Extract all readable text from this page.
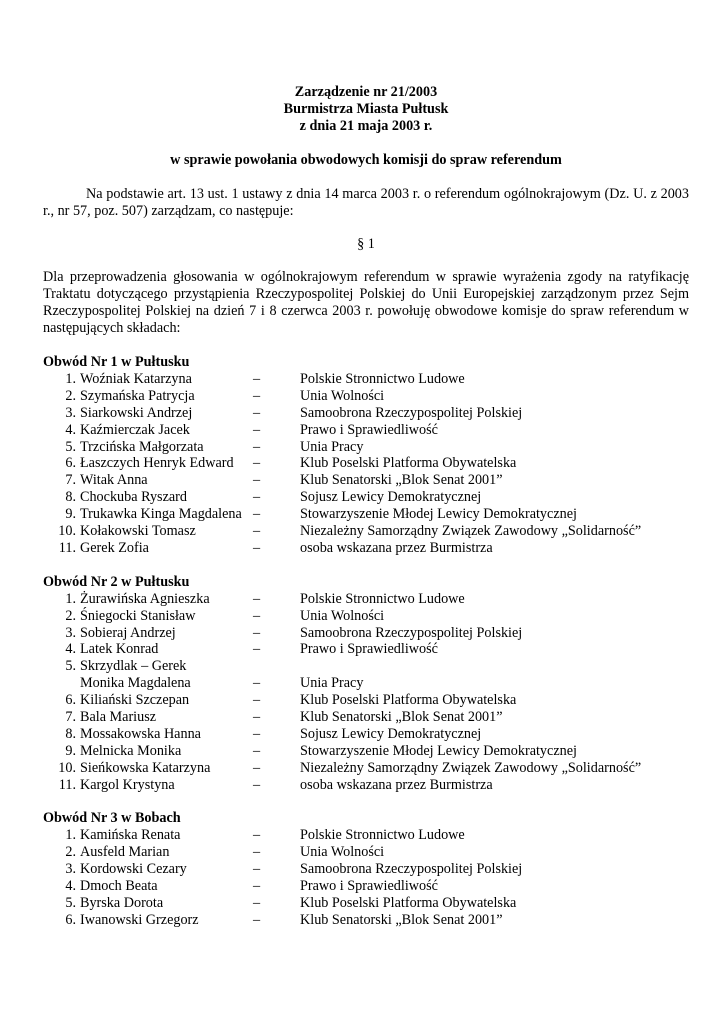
Zarządzenie nr 21/2003
Burmistrza Miasta Pułtusk
z dnia 21 maja 2003 r.
w sprawie powołania obwodowych komisji do spraw referendum
Na podstawie art. 13 ust. 1 ustawy z dnia 14 marca 2003 r. o referendum ogólnokrajowym (Dz. U. z 2003 r., nr 57, poz. 507) zarządzam, co następuje:
§ 1
Dla przeprowadzenia głosowania w ogólnokrajowym referendum w sprawie wyrażenia zgody na ratyfikację Traktatu dotyczącego przystąpienia Rzeczypospolitej Polskiej do Unii Europejskiej zarządzonym przez Sejm Rzeczypospolitej Polskiej na dzień 7 i 8 czerwca 2003 r. powołuję obwodowe komisje do spraw referendum w następujących składach:
Obwód Nr 1 w Pułtusku
1. Woźniak Katarzyna	–	Polskie Stronnictwo Ludowe
2. Szymańska Patrycja	–	Unia Wolności
3. Siarkowski Andrzej	–	Samoobrona Rzeczypospolitej Polskiej
4. Kaźmierczak Jacek	–	Prawo i Sprawiedliwość
5. Trzcińska Małgorzata	–	Unia Pracy
6. Łaszczych Henryk Edward	–	Klub Poselski Platforma Obywatelska
7. Witak Anna	–	Klub Senatorski „Blok Senat 2001”
8. Chockuba Ryszard	–	Sojusz Lewicy Demokratycznej
9. Trukawka Kinga Magdalena –	Stowarzyszenie Młodej Lewicy Demokratycznej
10. Kołakowski Tomasz	–	Niezależny Samorządny Związek Zawodowy „Solidarność”
11. Gerek Zofia	–	osoba wskazana przez Burmistrza
Obwód Nr 2 w Pułtusku
1. Żurawińska Agnieszka	–	Polskie Stronnictwo Ludowe
2. Śniegocki Stanisław	–	Unia Wolności
3. Sobieraj Andrzej	–	Samoobrona Rzeczypospolitej Polskiej
4. Latek Konrad	–	Prawo i Sprawiedliwość
5. Skrzydlak – Gerek
Monika Magdalena	–	Unia Pracy
6. Kiliański Szczepan	–	Klub Poselski Platforma Obywatelska
7. Bala Mariusz	–	Klub Senatorski „Blok Senat 2001”
8. Mossakowska Hanna	–	Sojusz Lewicy Demokratycznej
9. Melnicka Monika	–	Stowarzyszenie Młodej Lewicy Demokratycznej
10. Sieńkowska Katarzyna	–	Niezależny Samorządny Związek Zawodowy „Solidarność”
11. Kargol Krystyna	–	osoba wskazana przez Burmistrza
Obwód Nr 3 w Bobach
1. Kamińska Renata	–	Polskie Stronnictwo Ludowe
2. Ausfeld Marian	–	Unia Wolności
3. Kordowski Cezary	–	Samoobrona Rzeczypospolitej Polskiej
4. Dmoch Beata	–	Prawo i Sprawiedliwość
5. Byrska Dorota	–	Klub Poselski Platforma Obywatelska
6. Iwanowski Grzegorz	–	Klub Senatorski „Blok Senat 2001”
